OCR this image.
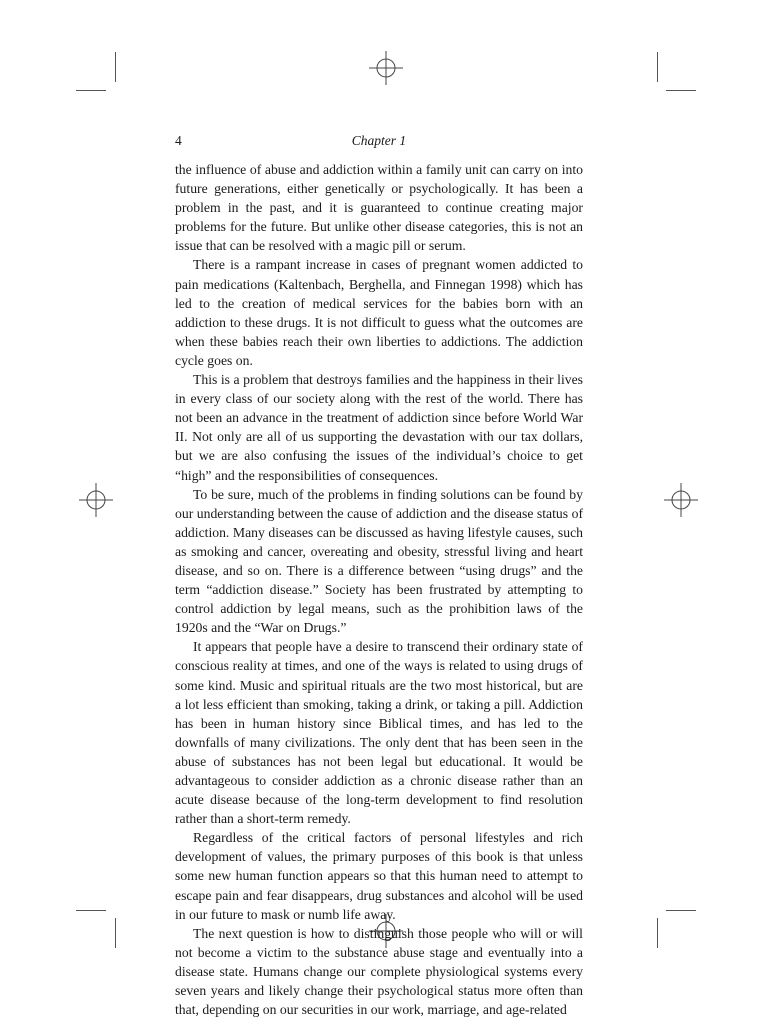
4	Chapter 1

the influence of abuse and addiction within a family unit can carry on into future generations, either genetically or psychologically. It has been a problem in the past, and it is guaranteed to continue creating major problems for the future. But unlike other disease categories, this is not an issue that can be resolved with a magic pill or serum.

There is a rampant increase in cases of pregnant women addicted to pain medications (Kaltenbach, Berghella, and Finnegan 1998) which has led to the creation of medical services for the babies born with an addiction to these drugs. It is not difficult to guess what the outcomes are when these babies reach their own liberties to addictions. The addiction cycle goes on.

This is a problem that destroys families and the happiness in their lives in every class of our society along with the rest of the world. There has not been an advance in the treatment of addiction since before World War II. Not only are all of us supporting the devastation with our tax dollars, but we are also confusing the issues of the individual’s choice to get “high” and the responsibilities of consequences.

To be sure, much of the problems in finding solutions can be found by our understanding between the cause of addiction and the disease status of addiction. Many diseases can be discussed as having lifestyle causes, such as smoking and cancer, overeating and obesity, stressful living and heart disease, and so on. There is a difference between “using drugs” and the term “addiction disease.” Society has been frustrated by attempting to control addiction by legal means, such as the prohibition laws of the 1920s and the “War on Drugs.”

It appears that people have a desire to transcend their ordinary state of conscious reality at times, and one of the ways is related to using drugs of some kind. Music and spiritual rituals are the two most historical, but are a lot less efficient than smoking, taking a drink, or taking a pill. Addiction has been in human history since Biblical times, and has led to the downfalls of many civilizations. The only dent that has been seen in the abuse of substances has not been legal but educational. It would be advantageous to consider addiction as a chronic disease rather than an acute disease because of the long-term development to find resolution rather than a short-term remedy.

Regardless of the critical factors of personal lifestyles and rich development of values, the primary purposes of this book is that unless some new human function appears so that this human need to attempt to escape pain and fear disappears, drug substances and alcohol will be used in our future to mask or numb life away.

The next question is how to distinguish those people who will or will not become a victim to the substance abuse stage and eventually into a disease state. Humans change our complete physiological systems every seven years and likely change their psychological status more often than that, depending on our securities in our work, marriage, and age-related
